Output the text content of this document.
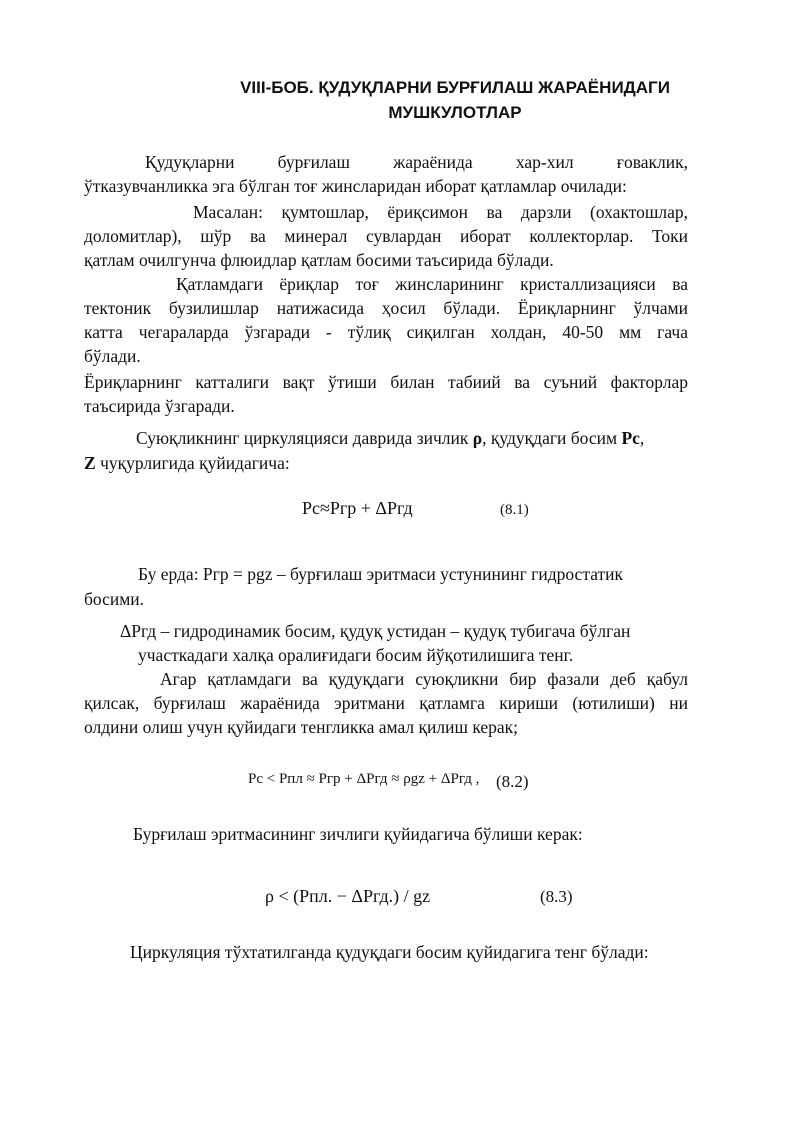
VIII-БОБ. ҚУДУҚЛАРНИ БУРҒИЛАШ ЖАРАЁНИДАГИ
МУШКУЛОТЛАР
Қудуқларни бурғилаш жараёнида хар-хил ғоваклик,
ўтказувчанликка эга бўлган тоғ жинсларидан иборат қатламлар очилади:
Масалан: қумтошлар, ёриқсимон ва дарзли (охактошлар,
доломитлар), шўр ва минерал сувлардан иборат коллекторлар. Токи
қатлам очилгунча флюидлар қатлам босими таъсирида бўлади.
Қатламдаги ёриқлар тоғ жинсларининг кристаллизацияси ва
тектоник бузилишлар натижасида ҳосил бўлади. Ёриқларнинг ўлчами
катта чегараларда ўзгаради - тўлиқ сиқилган холдан, 40-50 мм гача
бўлади.
Ёриқларнинг катталиги вақт ўтиши билан табиий ва суъний факторлар
таъсирида ўзгаради.
Суюқликнинг циркуляцияси даврида зичлик ρ, қудуқдаги босим Pс,
Z чуқурлигида қуйидагича:
Pc≈Pгр + ΔPгд	(8.1)
Бу ерда: Pгр = pgz – бурғилаш эритмаси устунининг гидростатик
босими.
ΔPгд – гидродинамик босим, қудуқ устидан – қудуқ тубигача бўлган
участкадаги халқа оралиғидаги босим йўқотилишига тенг.
Агар қатламдаги ва қудуқдаги суюқликни бир фазали деб қабул
қилсак, бурғилаш жараёнида эритмани қатламга кириши (ютилиши) ни
олдини олиш учун қуйидаги тенгликка амал қилиш керак;
Pс < Pпл ≈ Pгр + ΔPгд ≈ ρgz + ΔPгд , (8.2)
Бурғилаш эритмасининг зичлиги қуйидагича бўлиши керак:
ρ < (Pпл. − ΔPгд.) / gz	(8.3)
Циркуляция тўхтатилганда қудуқдаги босим қуйидагига тенг бўлади:
